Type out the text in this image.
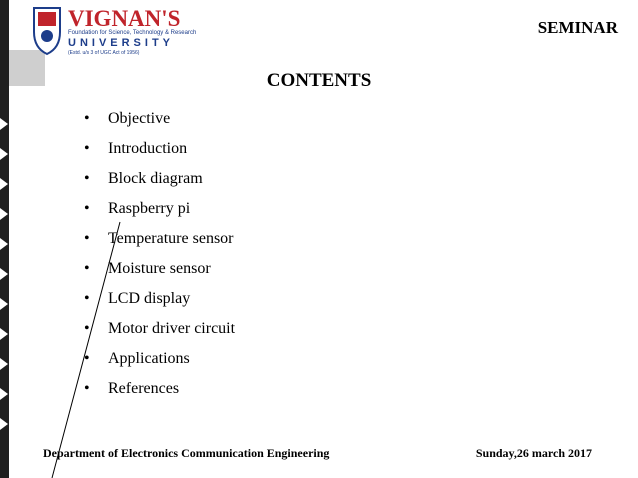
VIGNAN'S
Foundation for Science, Technology & Research
UNIVERSITY
(Estd. u/s 3 of UGC Act of 1956)
SEMINAR
CONTENTS
• Objective
• Introduction
• Block diagram
• Raspberry pi
• Temperature sensor
• Moisture sensor
• LCD display
• Motor driver circuit
• Applications
• References
Department of Electronics Communication Engineering	Sunday,26 march 2017
